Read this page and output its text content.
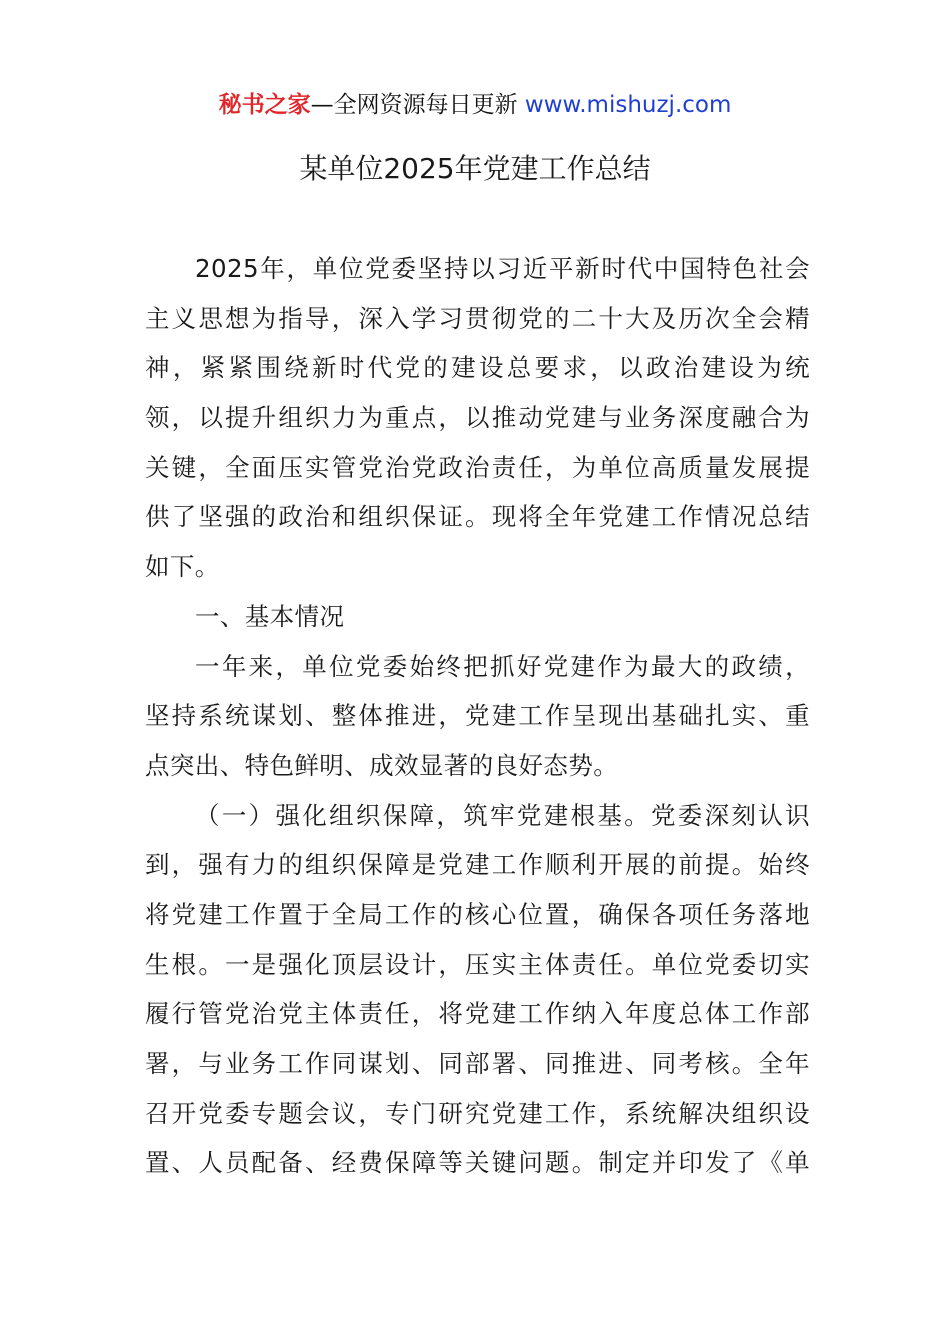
秘书之家—全网资源每日更新 www.mishuzj.com
某单位2025年党建工作总结
2025年，单位党委坚持以习近平新时代中国特色社会
主义思想为指导，深入学习贯彻党的二十大及历次全会精
神，紧紧围绕新时代党的建设总要求，以政治建设为统
领，以提升组织力为重点，以推动党建与业务深度融合为
关键，全面压实管党治党政治责任，为单位高质量发展提
供了坚强的政治和组织保证。现将全年党建工作情况总结
如下。
一、基本情况
一年来，单位党委始终把抓好党建作为最大的政绩，
坚持系统谋划、整体推进，党建工作呈现出基础扎实、重
点突出、特色鲜明、成效显著的良好态势。
（一）强化组织保障，筑牢党建根基。党委深刻认识
到，强有力的组织保障是党建工作顺利开展的前提。始终
将党建工作置于全局工作的核心位置，确保各项任务落地
生根。一是强化顶层设计，压实主体责任。单位党委切实
履行管党治党主体责任，将党建工作纳入年度总体工作部
署，与业务工作同谋划、同部署、同推进、同考核。全年
召开党委专题会议，专门研究党建工作，系统解决组织设
置、人员配备、经费保障等关键问题。制定并印发了《单
